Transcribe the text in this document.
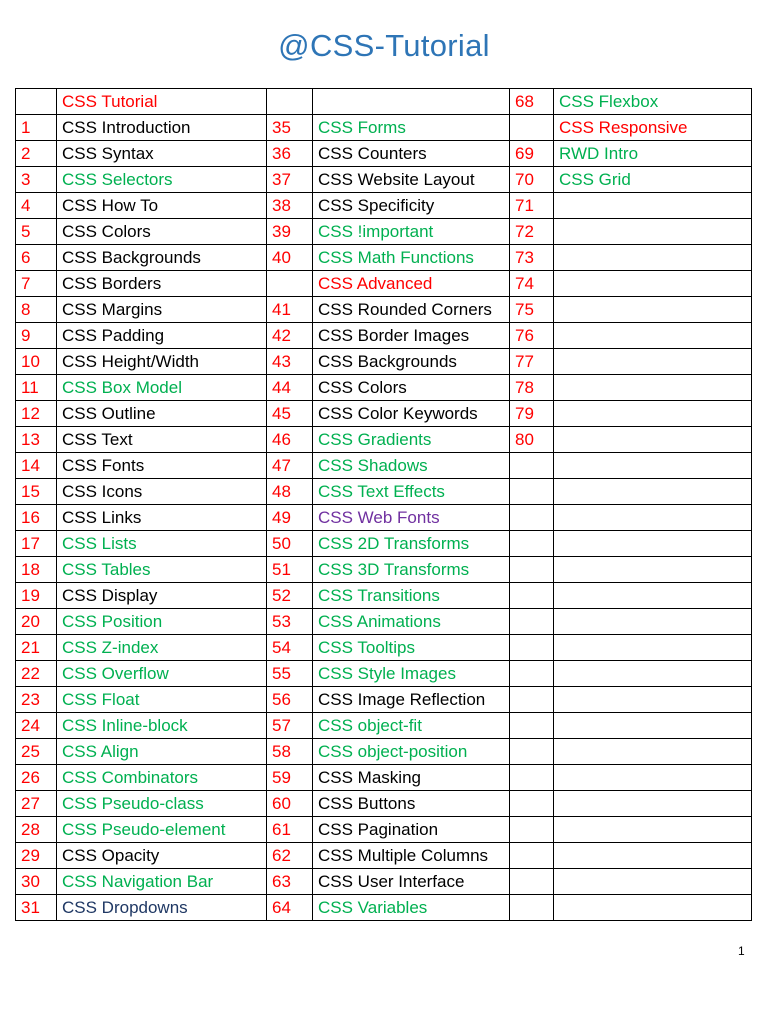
@CSS-Tutorial
	CSS Tutorial			68	CSS Flexbox
1	CSS Introduction	35	CSS Forms		CSS Responsive
2	CSS Syntax	36	CSS Counters	69	RWD Intro
3	CSS Selectors	37	CSS Website Layout	70	CSS Grid
4	CSS How To	38	CSS Specificity	71	
5	CSS Colors	39	CSS !important	72	
6	CSS Backgrounds	40	CSS Math Functions	73	
7	CSS Borders		CSS Advanced	74	
8	CSS Margins	41	CSS Rounded Corners	75	
9	CSS Padding	42	CSS Border Images	76	
10	CSS Height/Width	43	CSS Backgrounds	77	
11	CSS Box Model	44	CSS Colors	78	
12	CSS Outline	45	CSS Color Keywords	79	
13	CSS Text	46	CSS Gradients	80	
14	CSS Fonts	47	CSS Shadows		
15	CSS Icons	48	CSS Text Effects		
16	CSS Links	49	CSS Web Fonts		
17	CSS Lists	50	CSS 2D Transforms		
18	CSS Tables	51	CSS 3D Transforms		
19	CSS Display	52	CSS Transitions		
20	CSS Position	53	CSS Animations		
21	CSS Z-index	54	CSS Tooltips		
22	CSS Overflow	55	CSS Style Images		
23	CSS Float	56	CSS Image Reflection		
24	CSS Inline-block	57	CSS object-fit		
25	CSS Align	58	CSS object-position		
26	CSS Combinators	59	CSS Masking		
27	CSS Pseudo-class	60	CSS Buttons		
28	CSS Pseudo-element	61	CSS Pagination		
29	CSS Opacity	62	CSS Multiple Columns		
30	CSS Navigation Bar	63	CSS User Interface		
31	CSS Dropdowns	64	CSS Variables		
1
